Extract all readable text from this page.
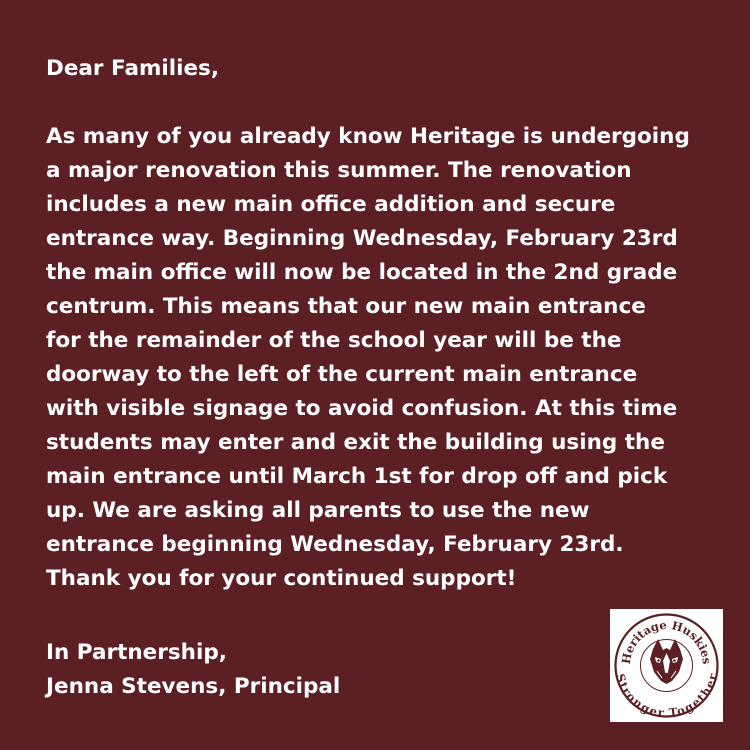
Dear Families,

As many of you already know Heritage is undergoing
a major renovation this summer. The renovation
includes a new main office addition and secure
entrance way. Beginning Wednesday, February 23rd
the main office will now be located in the 2nd grade
centrum. This means that our new main entrance
for the remainder of the school year will be the
doorway to the left of the current main entrance
with visible signage to avoid confusion. At this time
students may enter and exit the building using the
main entrance until March 1st for drop off and pick
up. We are asking all parents to use the new
entrance beginning Wednesday, February 23rd.
Thank you for your continued support!
In Partnership,
Jenna Stevens, Principal
Heritage Huskies
Stronger Together
